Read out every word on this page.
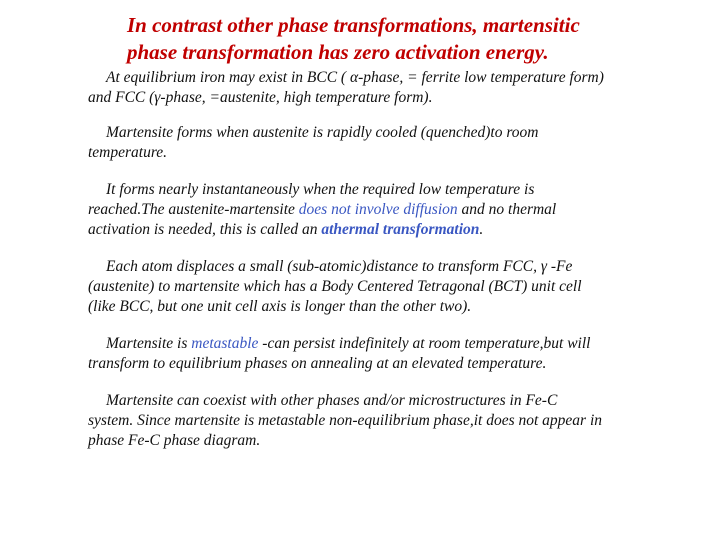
In contrast other phase transformations, martensitic
phase transformation has zero activation energy.

At equilibrium iron may exist in BCC ( α-phase, = ferrite low temperature form) and FCC (γ-phase, =austenite, high temperature form).

Martensite forms when austenite is rapidly cooled (quenched)to room temperature.

It forms nearly instantaneously when the required low temperature is reached.The austenite-martensite does not involve diffusion and no thermal activation is needed, this is called an athermal transformation.

Each atom displaces a small (sub-atomic)distance to transform FCC, γ -Fe (austenite) to martensite which has a Body Centered Tetragonal (BCT) unit cell (like BCC, but one unit cell axis is longer than the other two).

Martensite is metastable -can persist indefinitely at room temperature,but will transform to equilibrium phases on annealing at an elevated temperature.

Martensite can coexist with other phases and/or microstructures in Fe-C system. Since martensite is metastable non-equilibrium phase,it does not appear in phase Fe-C phase diagram.
